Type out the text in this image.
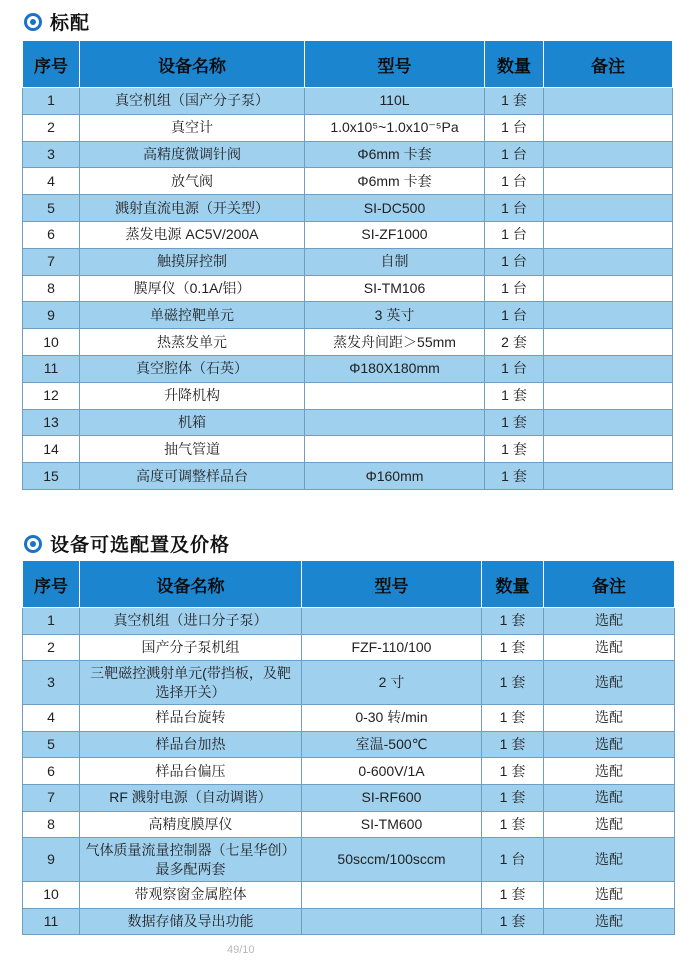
标配
序号	设备名称	型号	数量	备注
1	真空机组（国产分子泵）	110L	1 套	
2	真空计	1.0x10⁵~1.0x10⁻⁵Pa	1 台	
3	高精度微调针阀	Φ6mm 卡套	1 台	
4	放气阀	Φ6mm 卡套	1 台	
5	溅射直流电源（开关型）	SI-DC500	1 台	
6	蒸发电源 AC5V/200A	SI-ZF1000	1 台	
7	触摸屏控制	自制	1 台	
8	膜厚仪（0.1A/铝）	SI-TM106	1 台	
9	单磁控靶单元	3 英寸	1 台	
10	热蒸发单元	蒸发舟间距＞55mm	2 套	
11	真空腔体（石英）	Φ180X180mm	1 台	
12	升降机构		1 套	
13	机箱		1 套	
14	抽气管道		1 套	
15	高度可调整样品台	Φ160mm	1 套	
设备可选配置及价格
序号	设备名称	型号	数量	备注
1	真空机组（进口分子泵）		1 套	选配
2	国产分子泵机组	FZF-110/100	1 套	选配
3	三靶磁控溅射单元(带挡板，及靶选择开关）	2 寸	1 套	选配
4	样品台旋转	0-30 转/min	1 套	选配
5	样品台加热	室温-500℃	1 套	选配
6	样品台偏压	0-600V/1A	1 套	选配
7	RF 溅射电源（自动调谐）	SI-RF600	1 套	选配
8	高精度膜厚仪	SI-TM600	1 套	选配
9	气体质量流量控制器（七星华创）最多配两套	50sccm/100sccm	1 台	选配
10	带观察窗金属腔体		1 套	选配
11	数据存储及导出功能		1 套	选配
49/10
